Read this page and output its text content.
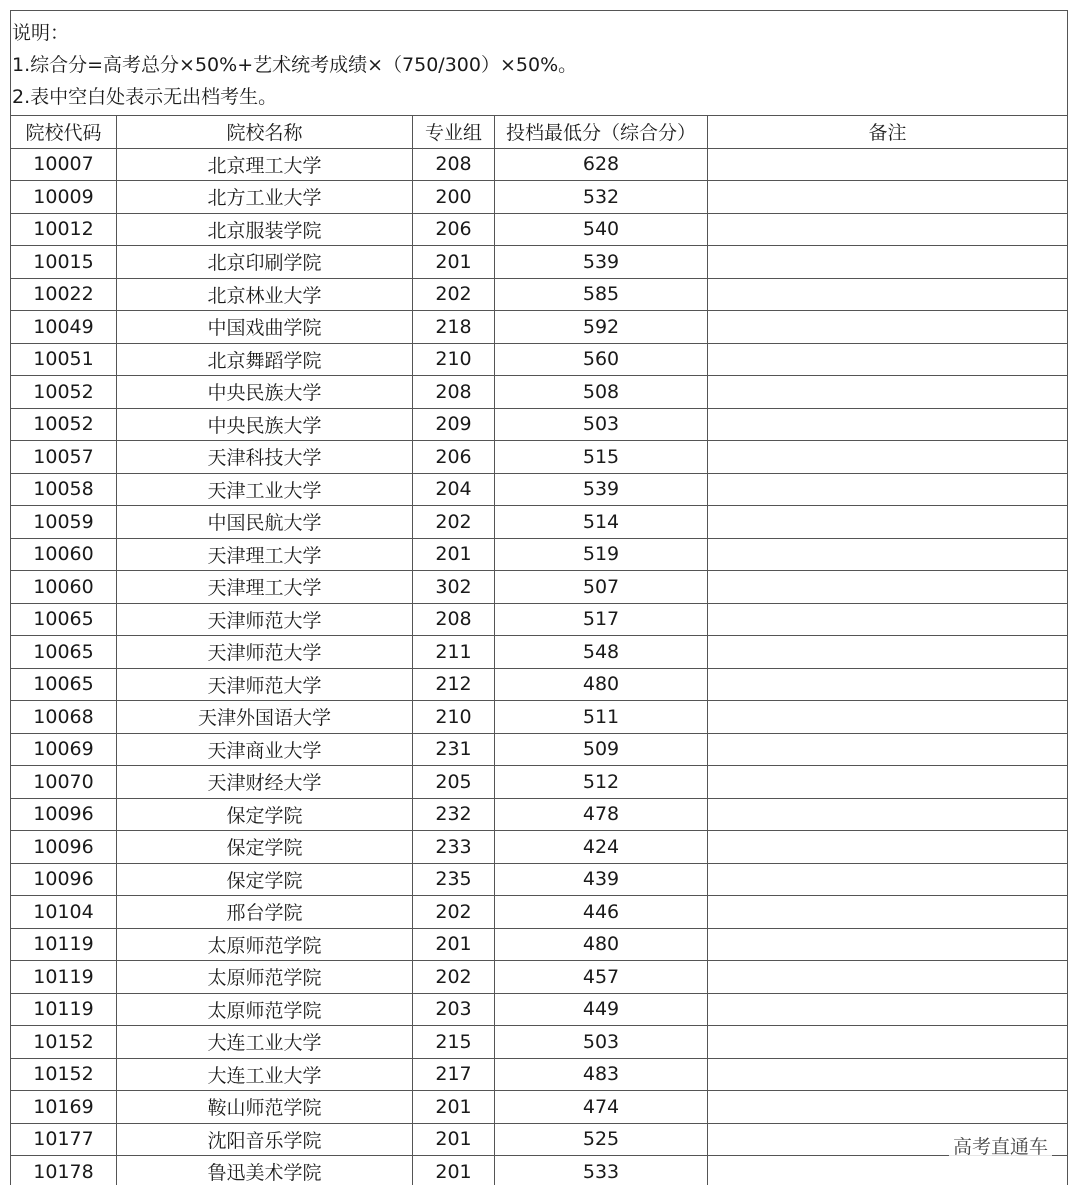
说明：
1.综合分=高考总分×50%+艺术统考成绩×（750/300）×50%。
2.表中空白处表示无出档考生。
院校代码	院校名称	专业组	投档最低分（综合分）	备注
10007	北京理工大学	208	628	
10009	北方工业大学	200	532	
10012	北京服装学院	206	540	
10015	北京印刷学院	201	539	
10022	北京林业大学	202	585	
10049	中国戏曲学院	218	592	
10051	北京舞蹈学院	210	560	
10052	中央民族大学	208	508	
10052	中央民族大学	209	503	
10057	天津科技大学	206	515	
10058	天津工业大学	204	539	
10059	中国民航大学	202	514	
10060	天津理工大学	201	519	
10060	天津理工大学	302	507	
10065	天津师范大学	208	517	
10065	天津师范大学	211	548	
10065	天津师范大学	212	480	
10068	天津外国语大学	210	511	
10069	天津商业大学	231	509	
10070	天津财经大学	205	512	
10096	保定学院	232	478	
10096	保定学院	233	424	
10096	保定学院	235	439	
10104	邢台学院	202	446	
10119	太原师范学院	201	480	
10119	太原师范学院	202	457	
10119	太原师范学院	203	449	
10152	大连工业大学	215	503	
10152	大连工业大学	217	483	
10169	鞍山师范学院	201	474	
10177	沈阳音乐学院	201	525	
10178	鲁迅美术学院	201	533	
高考直通车
